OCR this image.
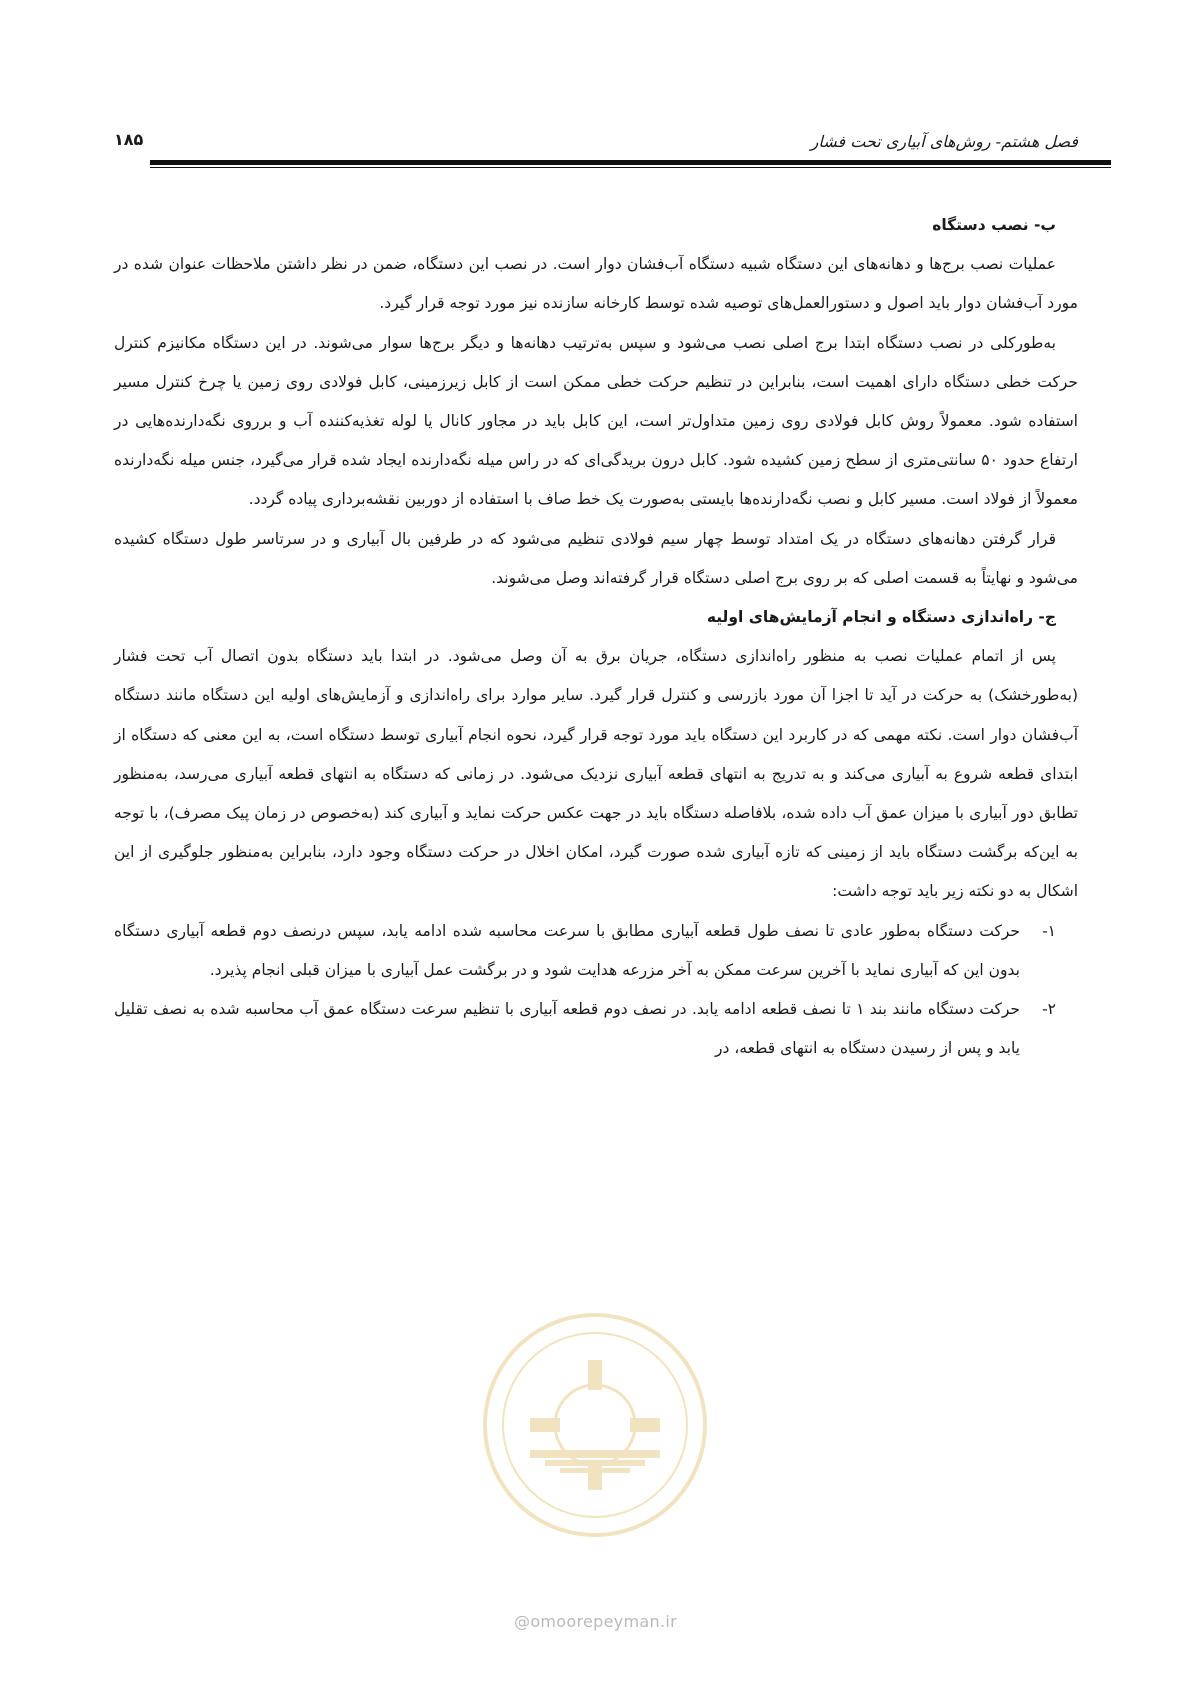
فصل هشتم- روش‌های آبیاری تحت فشار
۱۸۵
ب- نصب دستگاه

عملیات نصب برج‌ها و دهانه‌های این دستگاه شبیه دستگاه آب‌فشان دوار است. در نصب این دستگاه، ضمن در نظر داشتن ملاحظات عنوان شده در مورد آب‌فشان دوار باید اصول و دستورالعمل‌های توصیه شده توسط کارخانه سازنده نیز مورد توجه قرار گیرد.

به‌طورکلی در نصب دستگاه ابتدا برج اصلی نصب می‌شود و سپس به‌ترتیب دهانه‌ها و دیگر برج‌ها سوار می‌شوند. در این دستگاه مکانیزم کنترل حرکت خطی دستگاه دارای اهمیت است، بنابراین در تنظیم حرکت خطی ممکن است از کابل زیرزمینی، کابل فولادی روی زمین یا چرخ کنترل مسیر استفاده شود. معمولاً روش کابل فولادی روی زمین متداول‌تر است، این کابل باید در مجاور کانال یا لوله تغذیه‌کننده آب و برروی نگه‌دارنده‌هایی در ارتفاع حدود ۵۰ سانتی‌متری از سطح زمین کشیده شود. کابل درون بریدگی‌ای که در راس میله نگه‌دارنده ایجاد شده قرار می‌گیرد، جنس میله نگه‌دارنده معمولاً از فولاد است. مسیر کابل و نصب نگه‌دارنده‌ها بایستی به‌صورت یک خط صاف با استفاده از دوربین نقشه‌برداری پیاده گردد.

قرار گرفتن دهانه‌های دستگاه در یک امتداد توسط چهار سیم فولادی تنظیم می‌شود که در طرفین بال آبیاری و در سرتاسر طول دستگاه کشیده می‌شود و نهایتاً به قسمت اصلی که بر روی برج اصلی دستگاه قرار گرفته‌اند وصل می‌شوند.

ج- راه‌اندازی دستگاه و انجام آزمایش‌های اولیه

پس از اتمام عملیات نصب به منظور راه‌اندازی دستگاه، جریان برق به آن وصل می‌شود. در ابتدا باید دستگاه بدون اتصال آب تحت فشار (به‌طورخشک) به حرکت در آید تا اجزا آن مورد بازرسی و کنترل قرار گیرد. سایر موارد برای راه‌اندازی و آزمایش‌های اولیه این دستگاه مانند دستگاه آب‌فشان دوار است. نکته مهمی که در کاربرد این دستگاه باید مورد توجه قرار گیرد، نحوه انجام آبیاری توسط دستگاه است، به این معنی که دستگاه از ابتدای قطعه شروع به آبیاری می‌کند و به تدریج به انتهای قطعه آبیاری نزدیک می‌شود. در زمانی که دستگاه به انتهای قطعه آبیاری می‌رسد، به‌منظور تطابق دور آبیاری با میزان عمق آب داده شده، بلافاصله دستگاه باید در جهت عکس حرکت نماید و آبیاری کند (به‌خصوص در زمان پیک مصرف)، با توجه به این‌که برگشت دستگاه باید از زمینی که تازه آبیاری شده صورت گیرد، امکان اخلال در حرکت دستگاه وجود دارد، بنابراین به‌منظور جلوگیری از این اشکال به دو نکته زیر باید توجه داشت:

۱-
حرکت دستگاه به‌طور عادی تا نصف طول قطعه آبیاری مطابق با سرعت محاسبه شده ادامه یابد، سپس درنصف دوم قطعه آبیاری دستگاه بدون این که آبیاری نماید با آخرین سرعت ممکن به آخر مزرعه هدایت شود و در برگشت عمل آبیاری با میزان قبلی انجام پذیرد.
۲-
حرکت دستگاه مانند بند ۱ تا نصف قطعه ادامه یابد. در نصف دوم قطعه آبیاری با تنظیم سرعت دستگاه عمق آب محاسبه شده به نصف تقلیل یابد و پس از رسیدن دستگاه به انتهای قطعه، در
@omoorepeyman.ir
